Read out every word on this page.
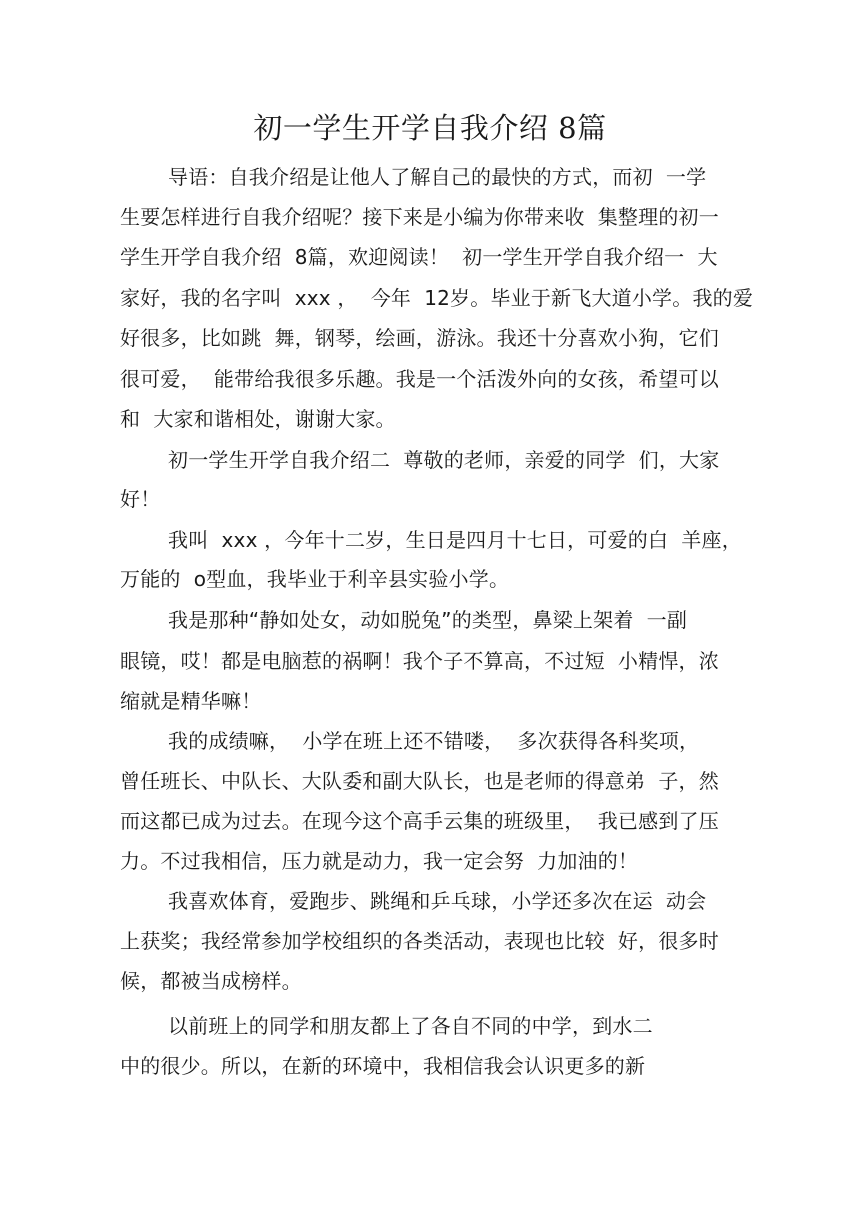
初一学生开学自我介绍 8篇
导语：自我介绍是让他人了解自己的最快的方式，而初  一学
生要怎样进行自我介绍呢？接下来是小编为你带来收  集整理的初一
学生开学自我介绍  8篇，欢迎阅读！  初一学生开学自我介绍一  大
家好，我的名字叫  xxx ，  今年  12岁。毕业于新飞大道小学。我的爱
好很多，比如跳  舞，钢琴，绘画，游泳。我还十分喜欢小狗，它们
很可爱，  能带给我很多乐趣。我是一个活泼外向的女孩，希望可以
和  大家和谐相处，谢谢大家。
初一学生开学自我介绍二  尊敬的老师，亲爱的同学  们，大家
好！
我叫  xxx ，今年十二岁，生日是四月十七日，可爱的白  羊座，
万能的  o型血，我毕业于利辛县实验小学。
我是那种“静如处女，动如脱兔”的类型，鼻梁上架着  一副
眼镜，哎！都是电脑惹的祸啊！我个子不算高，不过短  小精悍，浓
缩就是精华嘛！
我的成绩嘛，  小学在班上还不错喽，  多次获得各科奖项，
曾任班长、中队长、大队委和副大队长，也是老师的得意弟  子，然
而这都已成为过去。在现今这个高手云集的班级里，  我已感到了压
力。不过我相信，压力就是动力，我一定会努  力加油的！
我喜欢体育，爱跑步、跳绳和乒乓球，小学还多次在运  动会
上获奖；我经常参加学校组织的各类活动，表现也比较  好，很多时
候，都被当成榜样。
以前班上的同学和朋友都上了各自不同的中学，到水二
中的很少。所以，在新的环境中，我相信我会认识更多的新
